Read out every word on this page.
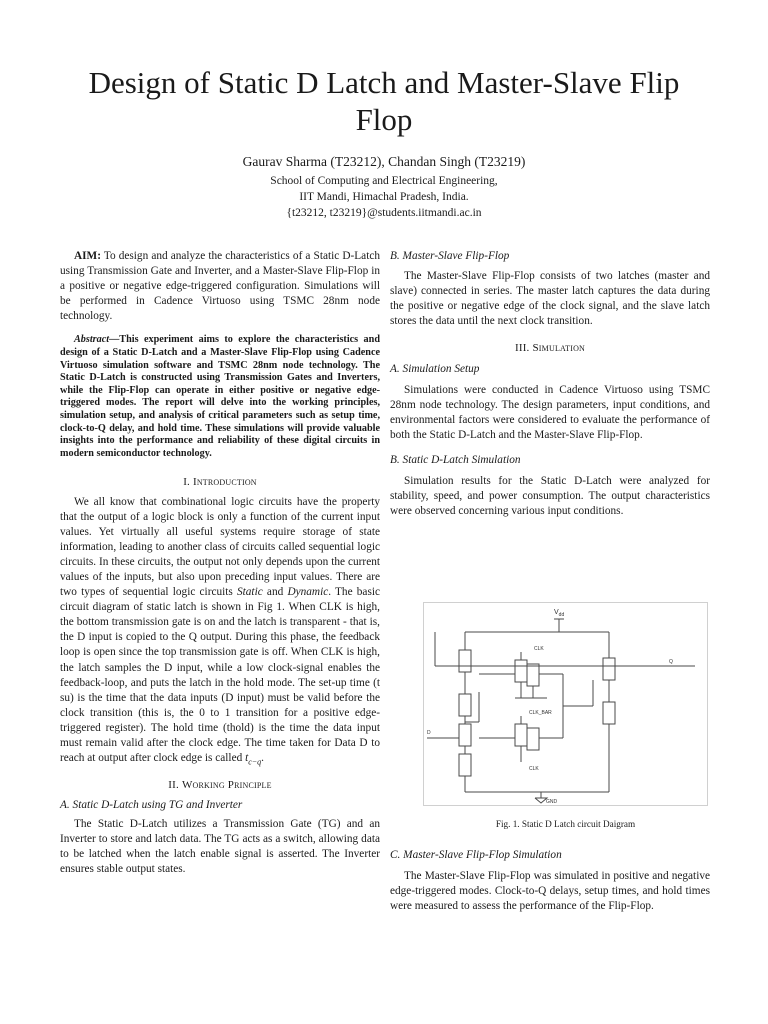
Design of Static D Latch and Master-Slave Flip
Flop
Gaurav Sharma (T23212), Chandan Singh (T23219)
School of Computing and Electrical Engineering,
IIT Mandi, Himachal Pradesh, India.
{t23212, t23219}@students.iitmandi.ac.in

AIM: To design and analyze the characteristics of a Static D-Latch using Transmission Gate and Inverter, and a Master-Slave Flip-Flop in a positive or negative edge-triggered configuration. Simulations will be performed in Cadence Virtuoso using TSMC 28nm node technology.

Abstract—This experiment aims to explore the characteristics and design of a Static D-Latch and a Master-Slave Flip-Flop using Cadence Virtuoso simulation software and TSMC 28nm node technology. The Static D-Latch is constructed using Transmission Gates and Inverters, while the Flip-Flop can operate in either positive or negative edge-triggered modes. The report will delve into the working principles, simulation setup, and analysis of critical parameters such as setup time, clock-to-Q delay, and hold time. These simulations will provide valuable insights into the performance and reliability of these digital circuits in modern semiconductor technology.

I. Introduction

We all know that combinational logic circuits have the property that the output of a logic block is only a function of the current input values. Yet virtually all useful systems require storage of state information, leading to another class of circuits called sequential logic circuits. In these circuits, the output not only depends upon the current values of the inputs, but also upon preceding input values. There are two types of sequential logic circuits Static and Dynamic. The basic circuit diagram of static latch is shown in Fig 1. When CLK is high, the bottom transmission gate is on and the latch is transparent - that is, the D input is copied to the Q output. During this phase, the feedback loop is open since the top transmission gate is off. When CLK is high, the latch samples the D input, while a low clock-signal enables the feedback-loop, and puts the latch in the hold mode. The set-up time (t su) is the time that the data inputs (D input) must be valid before the clock transition (this is, the 0 to 1 transition for a positive edge-triggered register). The hold time (thold) is the time the data input must remain valid after the clock edge. The time taken for Data D to reach at output after clock edge is called $t_{c-q}$.

II. Working Principle

A. Static D-Latch using TG and Inverter

The Static D-Latch utilizes a Transmission Gate (TG) and an Inverter to store and latch data. The TG acts as a switch, allowing data to be latched when the latch enable signal is asserted. The Inverter ensures stable output states.

B. Master-Slave Flip-Flop

The Master-Slave Flip-Flop consists of two latches (master and slave) connected in series. The master latch captures the data during the positive or negative edge of the clock signal, and the slave latch stores the data until the next clock transition.

III. Simulation

A. Simulation Setup

Simulations were conducted in Cadence Virtuoso using TSMC 28nm node technology. The design parameters, input conditions, and environmental factors were considered to evaluate the performance of both the Static D-Latch and the Master-Slave Flip-Flop.

B. Static D-Latch Simulation

Simulation results for the Static D-Latch were analyzed for stability, speed, and power consumption. The output characteristics were observed concerning various input conditions.

$V_{dd}$
GND
CLK
CLK_BAR
CLK
D
Q
Fig. 1. Static D Latch circuit Daigram

C. Master-Slave Flip-Flop Simulation

The Master-Slave Flip-Flop was simulated in positive and negative edge-triggered modes. Clock-to-Q delays, setup times, and hold times were measured to assess the performance of the Flip-Flop.
